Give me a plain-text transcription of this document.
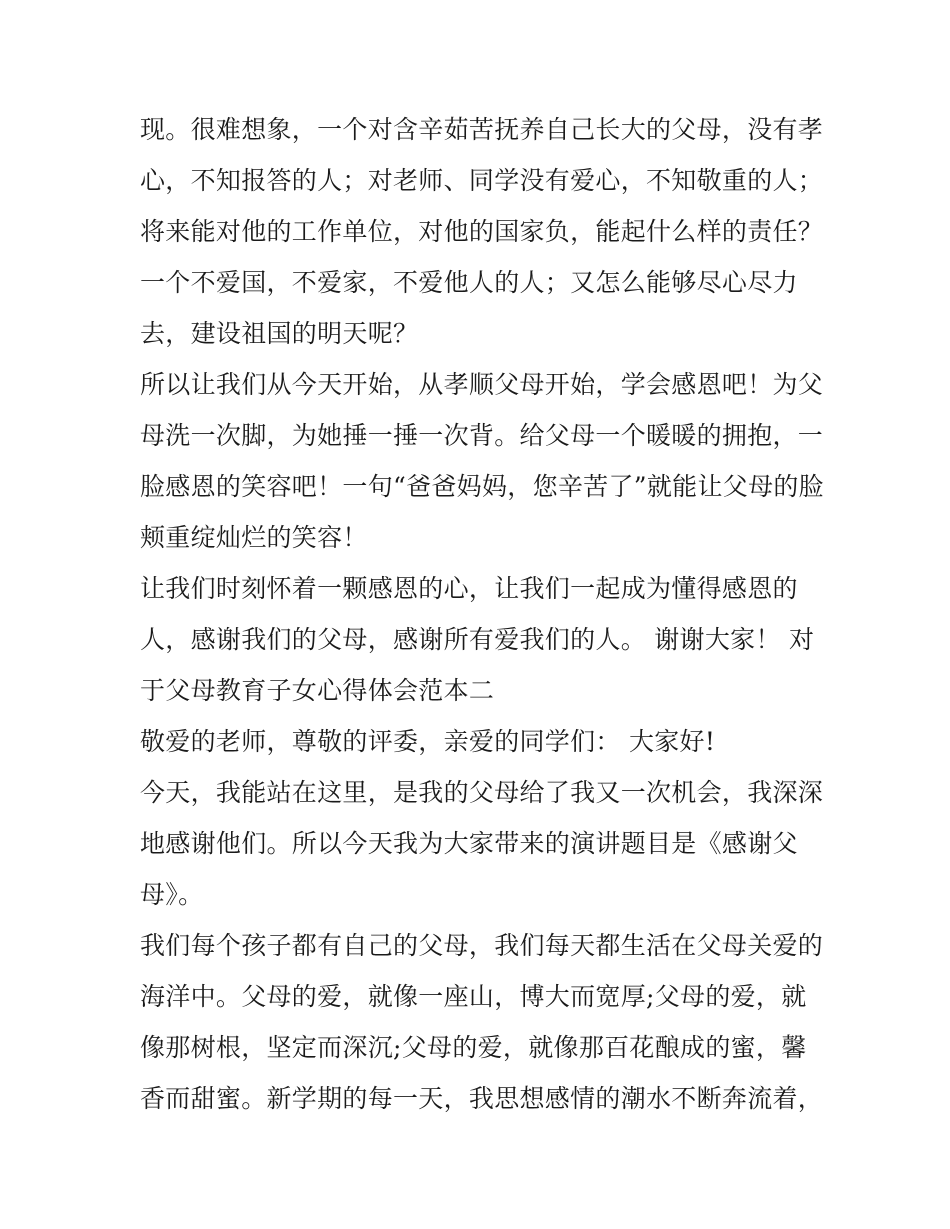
现。很难想象，一个对含辛茹苦抚养自己长大的父母，没有孝
心，不知报答的人；对老师、同学没有爱心，不知敬重的人；
将来能对他的工作单位，对他的国家负，能起什么样的责任？
一个不爱国，不爱家，不爱他人的人；又怎么能够尽心尽力
去，建设祖国的明天呢？
所以让我们从今天开始，从孝顺父母开始，学会感恩吧！为父
母洗一次脚，为她捶一捶一次背。给父母一个暖暖的拥抱，一
脸感恩的笑容吧！一句“爸爸妈妈，您辛苦了”就能让父母的脸
颊重绽灿烂的笑容！
让我们时刻怀着一颗感恩的心，让我们一起成为懂得感恩的
人，感谢我们的父母，感谢所有爱我们的人。 谢谢大家！ 对
于父母教育子女心得体会范本二
敬爱的老师，尊敬的评委，亲爱的同学们： 大家好!
今天，我能站在这里，是我的父母给了我又一次机会，我深深
地感谢他们。所以今天我为大家带来的演讲题目是《感谢父
母》。
我们每个孩子都有自己的父母，我们每天都生活在父母关爱的
海洋中。父母的爱，就像一座山，博大而宽厚;父母的爱，就
像那树根，坚定而深沉;父母的爱，就像那百花酿成的蜜，馨
香而甜蜜。新学期的每一天，我思想感情的潮水不断奔流着，
